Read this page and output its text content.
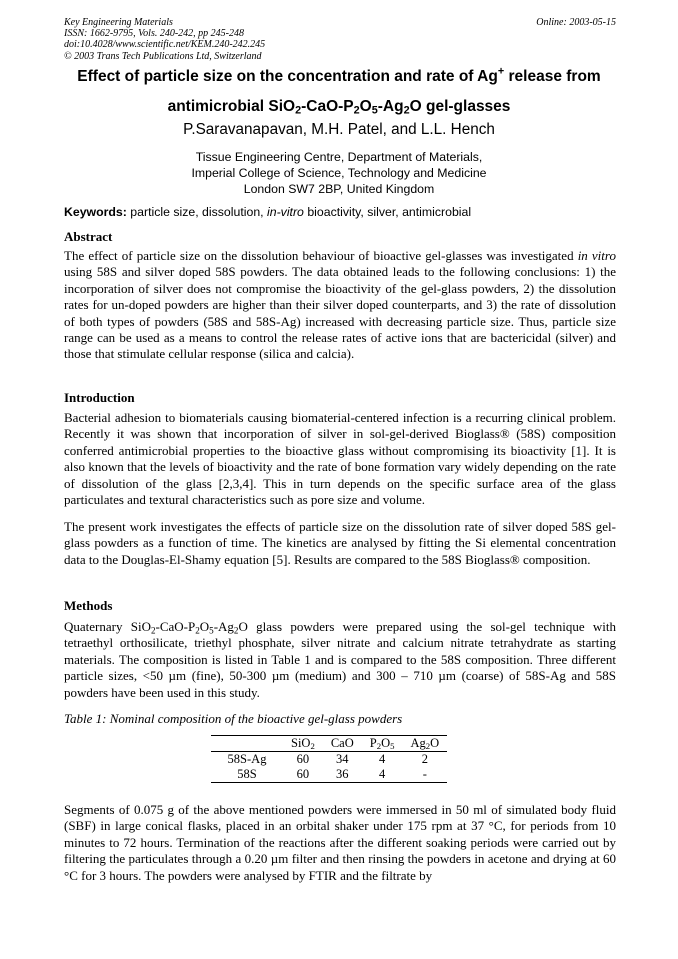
Key Engineering Materials
ISSN: 1662-9795, Vols. 240-242, pp 245-248
doi:10.4028/www.scientific.net/KEM.240-242.245
© 2003 Trans Tech Publications Ltd, Switzerland
Online: 2003-05-15
Effect of particle size on the concentration and rate of Ag+ release from
antimicrobial $SiO_2-CaO-P_2O_5-Ag_2O$ gel-glasses
P.Saravanapavan, M.H. Patel, and L.L. Hench
Tissue Engineering Centre, Department of Materials,
Imperial College of Science, Technology and Medicine
London SW7 2BP, United Kingdom
Keywords: particle size, dissolution, in-vitro bioactivity, silver, antimicrobial
Abstract
The effect of particle size on the dissolution behaviour of bioactive gel-glasses was investigated in vitro using 58S and silver doped 58S powders. The data obtained leads to the following conclusions: 1) the incorporation of silver does not compromise the bioactivity of the gel-glass powders, 2) the dissolution rates for un-doped powders are higher than their silver doped counterparts, and 3) the rate of dissolution of both types of powders (58S and 58S-Ag) increased with decreasing particle size. Thus, particle size range can be used as a means to control the release rates of active ions that are bactericidal (silver) and those that stimulate cellular response (silica and calcia).
Introduction
Bacterial adhesion to biomaterials causing biomaterial-centered infection is a recurring clinical problem. Recently it was shown that incorporation of silver in sol-gel-derived Bioglass® (58S) composition conferred antimicrobial properties to the bioactive glass without compromising its bioactivity [1]. It is also known that the levels of bioactivity and the rate of bone formation vary widely depending on the rate of dissolution of the glass [2,3,4]. This in turn depends on the specific surface area of the glass particulates and textural characteristics such as pore size and volume.
The present work investigates the effects of particle size on the dissolution rate of silver doped 58S gel-glass powders as a function of time. The kinetics are analysed by fitting the Si elemental concentration data to the Douglas-El-Shamy equation [5]. Results are compared to the 58S Bioglass® composition.
Methods
Quaternary $SiO_2-CaO-P_2O_5-Ag_2O$ glass powders were prepared using the sol-gel technique with tetraethyl orthosilicate, triethyl phosphate, silver nitrate and calcium nitrate tetrahydrate as starting materials. The composition is listed in Table 1 and is compared to the 58S composition. Three different particle sizes, <50 µm (fine), 50-300 µm (medium) and 300 – 710 µm (coarse) of 58S-Ag and 58S powders have been used in this study.
Table 1: Nominal composition of the bioactive gel-glass powders
	SiO$_2$	CaO	$P_2O_5$	$Ag_2O$
58S-Ag	60	34	4	2
58S	60	36	4	-
Segments of 0.075 g of the above mentioned powders were immersed in 50 ml of simulated body fluid (SBF) in large conical flasks, placed in an orbital shaker under 175 rpm at 37 °C, for periods from 10 minutes to 72 hours. Termination of the reactions after the different soaking periods were carried out by filtering the particulates through a 0.20 µm filter and then rinsing the powders in acetone and drying at 60 °C for 3 hours. The powders were analysed by FTIR and the filtrate by
